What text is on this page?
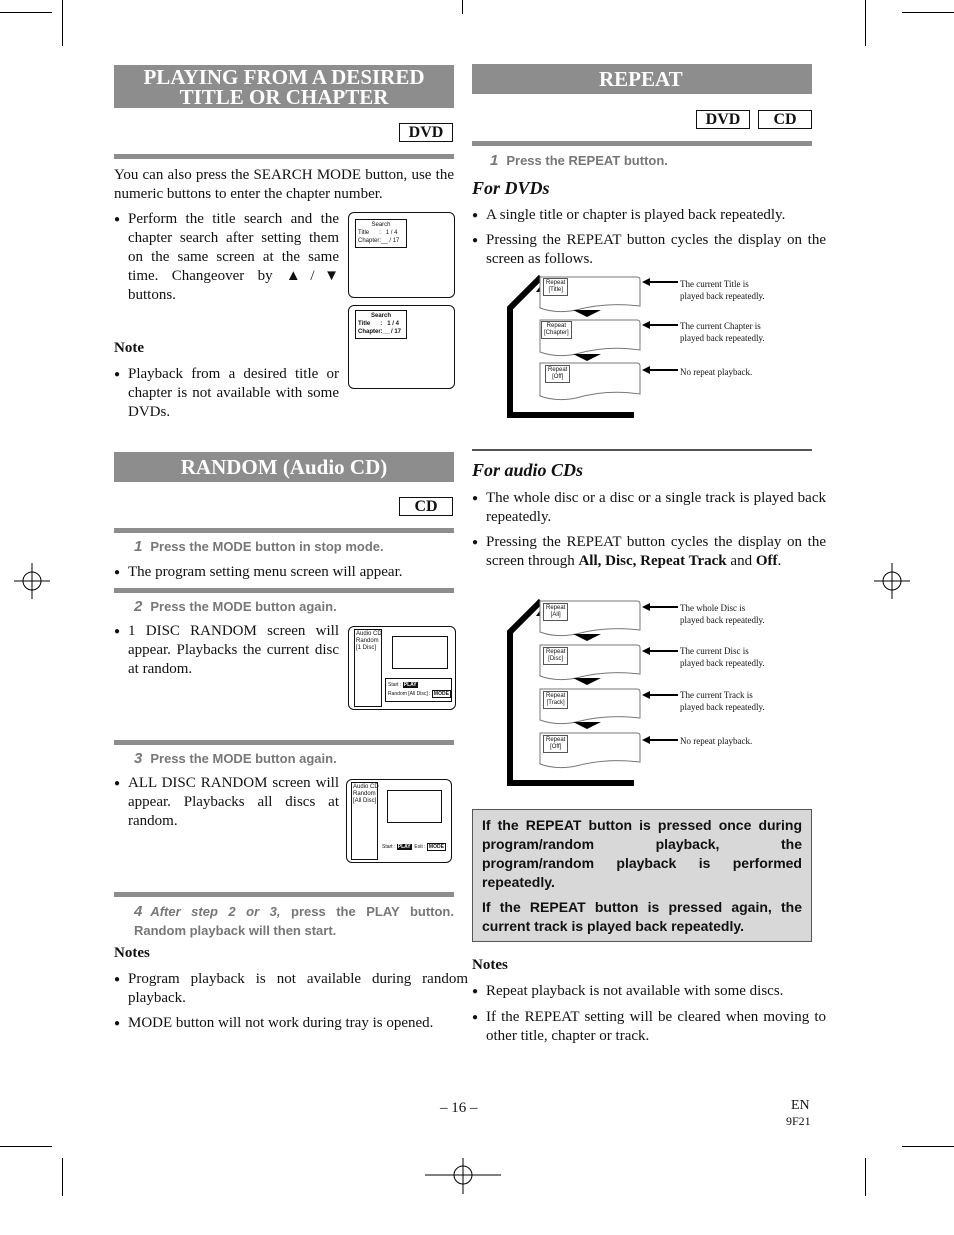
PLAYING FROM A DESIRED
TITLE OR CHAPTER
DVD
You can also press the SEARCH MODE button, use the numeric buttons to enter the chapter number.
● Perform the title search and the chapter search after setting them on the same screen at the same time. Changeover by ▲/▼ buttons.
Search
Title      :   1 / 4
Chapter:__ / 17
Search
Title      :   1 / 4
Chapter:__ / 17
Note
● Playback from a desired title or chapter is not available with some DVDs.
RANDOM (Audio CD)
CD
1 Press the MODE button in stop mode.
● The program setting menu screen will appear.
2 Press the MODE button again.
● 1 DISC RANDOM screen will appear. Playbacks the current disc at random.
Audio CD
Random
[1 Disc]
Start : PLAY
Random [All Disc] : MODE
3 Press the MODE button again.
● ALL DISC RANDOM screen will appear. Playbacks all discs at random.
Audio CD
Random
[All Disc]
Start : PLAY Exit : MODE
4 After step 2 or 3, press the PLAY button. Random playback will then start.
Notes
● Program playback is not available during random playback.
● MODE button will not work during tray is opened.
REPEAT
DVD	CD
1 Press the REPEAT button.
For DVDs
● A single title or chapter is played back repeatedly.
● Pressing the REPEAT button cycles the display on the screen as follows.
Repeat
[Title]
Repeat
[Chapter]
Repeat
[Off]
The current Title is
played back repeatedly.
The current Chapter is
played back repeatedly.
No repeat playback.
For audio CDs
● The whole disc or a disc or a single track is played back repeatedly.
● Pressing the REPEAT button cycles the display on the screen through All, Disc, Repeat Track and Off.
Repeat
[All]
Repeat
[Disc]
Repeat
[Track]
Repeat
[Off]
The whole Disc is
played back repeatedly.
The current Disc is
played back repeatedly.
The current Track is
played back repeatedly.
No repeat playback.
If the REPEAT button is pressed once during program/random playback, the program/random playback is performed repeatedly.
If the REPEAT button is pressed again, the current track is played back repeatedly.
Notes
● Repeat playback is not available with some discs.
● If the REPEAT setting will be cleared when moving to other title, chapter or track.
– 16 –	EN
9F21
